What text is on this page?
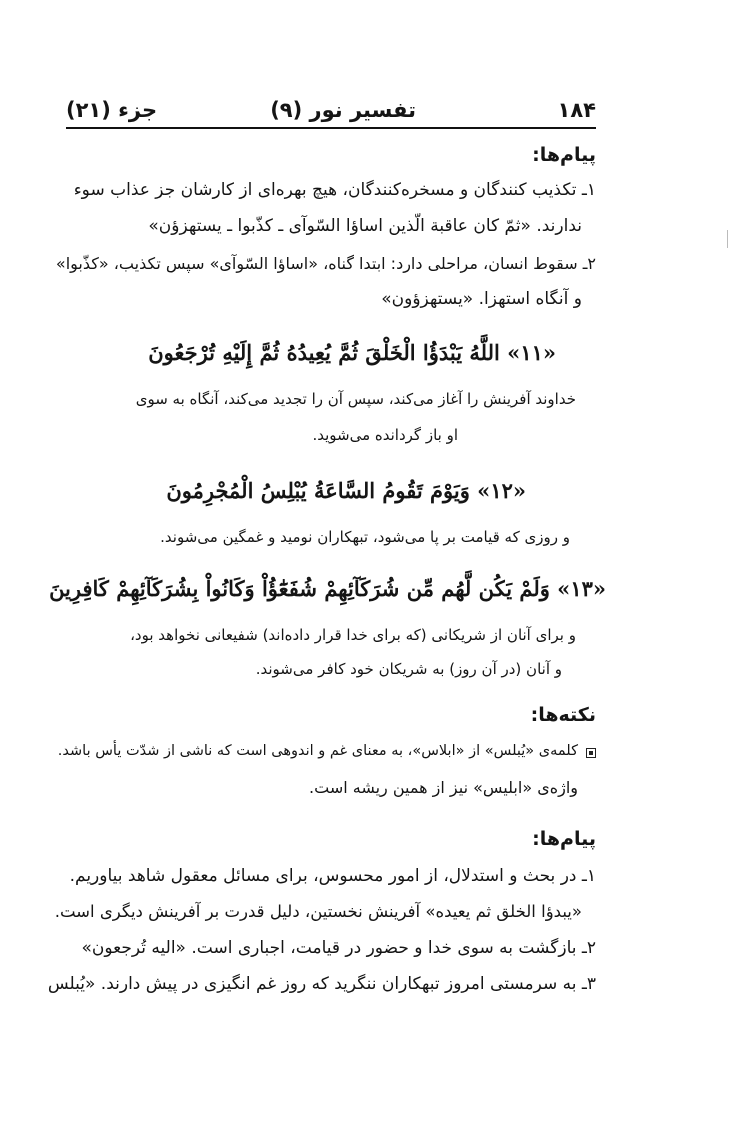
۱۸۴
تفسیر نور (۹)
جزء (۲۱)
پیام‌ها:
۱ـ تکذیب کنندگان و مسخره‌کنندگان، هیچ بهره‌ای از کارشان جز عذاب سوء
ندارند. «ثمّ کان عاقبة الّذین اساؤا السّوآی ـ کذّبوا ـ یستهزؤن»
۲ـ سقوط انسان، مراحلی دارد: ابتدا گناه، «اساؤا السّوآی» سپس تکذیب، «کذّبوا»
و آنگاه استهزا. «یستهزؤون»
«۱۱» اللَّهُ يَبْدَؤُا الْخَلْقَ ثُمَّ يُعِيدُهُ ثُمَّ إِلَيْهِ تُرْجَعُونَ
خداوند آفرینش را آغاز می‌کند، سپس آن را تجدید می‌کند، آنگاه به سوی
او باز گردانده می‌شوید.
«۱۲» وَيَوْمَ تَقُومُ السَّاعَةُ يُبْلِسُ الْمُجْرِمُونَ
و روزی که قیامت بر پا می‌شود، تبهکاران نومید و غمگین می‌شوند.
«۱۳» وَلَمْ يَكُن لَّهُم مِّن شُرَكَآئِهِمْ شُفَعَٰٓؤُاْ وَكَانُواْ بِشُرَكَآئِهِمْ كَافِرِينَ
و برای آنان از شریکانی (که برای خدا قرار داده‌اند) شفیعانی نخواهد بود،
و آنان (در آن روز) به شریکان خود کافر می‌شوند.
نکته‌ها:
کلمه‌ی «یُبلس» از «ابلاس»، به معنای غم و اندوهی است که ناشی از شدّت یأس باشد.
واژه‌ی «ابلیس» نیز از همین ریشه است.
پیام‌ها:
۱ـ در بحث و استدلال، از امور محسوس، برای مسائل معقول شاهد بیاوریم.
«یبدؤا الخلق ثم یعیده» آفرینش نخستین، دلیل قدرت بر آفرینش دیگری است.
۲ـ بازگشت به سوی خدا و حضور در قیامت، اجباری است. «الیه تُرجعون»
۳ـ به سرمستی امروز تبهکاران ننگرید که روز غم انگیزی در پیش دارند. «یُبلس
